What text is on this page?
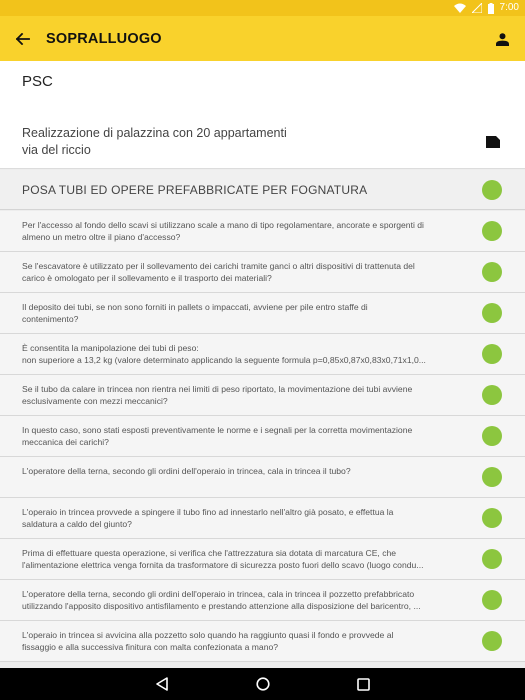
7:00
SOPRALLUOGO
PSC
Realizzazione di palazzina con 20 appartamenti
via del riccio
POSA TUBI ED OPERE PREFABBRICATE PER FOGNATURA
Per l'accesso al fondo dello scavi si utilizzano scale a mano di tipo regolamentare, ancorate e sporgenti di
almeno un metro oltre il piano d'accesso?
Se l'escavatore è utilizzato per il sollevamento dei carichi tramite ganci o altri dispositivi di trattenuta del
carico è omologato per il sollevamento e il trasporto dei materiali?
Il deposito dei tubi, se non sono forniti in pallets o impaccati, avviene per pile entro staffe di
contenimento?
È consentita la manipolazione dei tubi di peso:
non superiore a 13,2 kg (valore determinato applicando la seguente formula p=0,85x0,87x0,83x0,71x1,0...
Se il tubo da calare in trincea non rientra nei limiti di peso riportato, la movimentazione dei tubi avviene
esclusivamente con mezzi meccanici?
In questo caso, sono stati esposti preventivamente le norme e i segnali per la corretta movimentazione
meccanica dei carichi?
L'operatore della terna, secondo gli ordini dell'operaio in trincea, cala in trincea il tubo?
L'operaio in trincea provvede a spingere il tubo fino ad innestarlo nell'altro già posato, e effettua la
saldatura a caldo del giunto?
Prima di effettuare questa operazione, si verifica che l'attrezzatura sia dotata di marcatura CE, che
l'alimentazione elettrica venga fornita da trasformatore di sicurezza posto fuori dello scavo (luogo condu...
L'operatore della terna, secondo gli ordini dell'operaio in trincea, cala in trincea il pozzetto prefabbricato
utilizzando l'apposito dispositivo antisfilamento e prestando attenzione alla disposizione del baricentro, ...
L'operaio in trincea si avvicina alla pozzetto solo quando ha raggiunto quasi il fondo e provvede al
fissaggio e alla successiva finitura con malta confezionata a mano?
